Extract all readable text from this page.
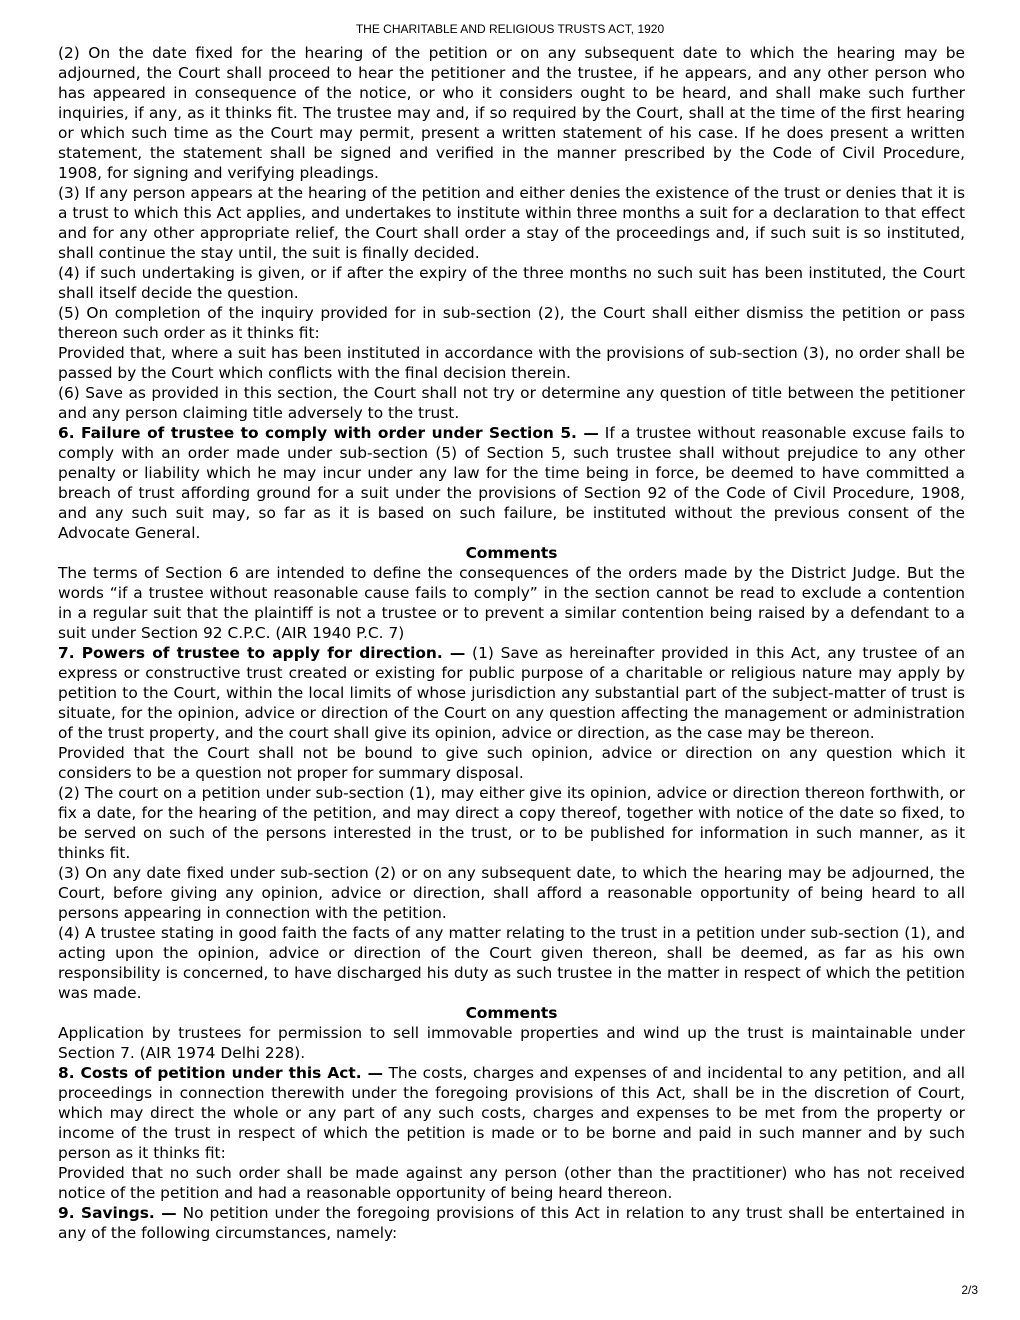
THE CHARITABLE AND RELIGIOUS TRUSTS ACT, 1920

(2) On the date fixed for the hearing of the petition or on any subsequent date to which the hearing may be adjourned, the Court shall proceed to hear the petitioner and the trustee, if he appears, and any other person who has appeared in consequence of the notice, or who it considers ought to be heard, and shall make such further inquiries, if any, as it thinks fit. The trustee may and, if so required by the Court, shall at the time of the first hearing or which such time as the Court may permit, present a written statement of his case. If he does present a written statement, the statement shall be signed and verified in the manner prescribed by the Code of Civil Procedure, 1908, for signing and verifying pleadings.

(3) If any person appears at the hearing of the petition and either denies the existence of the trust or denies that it is a trust to which this Act applies, and undertakes to institute within three months a suit for a declaration to that effect and for any other appropriate relief, the Court shall order a stay of the proceedings and, if such suit is so instituted, shall continue the stay until, the suit is finally decided.

(4) if such undertaking is given, or if after the expiry of the three months no such suit has been instituted, the Court shall itself decide the question.

(5) On completion of the inquiry provided for in sub-section (2), the Court shall either dismiss the petition or pass thereon such order as it thinks fit:

Provided that, where a suit has been instituted in accordance with the provisions of sub-section (3), no order shall be passed by the Court which conflicts with the final decision therein.

(6) Save as provided in this section, the Court shall not try or determine any question of title between the petitioner and any person claiming title adversely to the trust.

6. Failure of trustee to comply with order under Section 5. — If a trustee without reasonable excuse fails to comply with an order made under sub-section (5) of Section 5, such trustee shall without prejudice to any other penalty or liability which he may incur under any law for the time being in force, be deemed to have committed a breach of trust affording ground for a suit under the provisions of Section 92 of the Code of Civil Procedure, 1908, and any such suit may, so far as it is based on such failure, be instituted without the previous consent of the Advocate General.

Comments

The terms of Section 6 are intended to define the consequences of the orders made by the District Judge. But the words “if a trustee without reasonable cause fails to comply” in the section cannot be read to exclude a contention in a regular suit that the plaintiff is not a trustee or to prevent a similar contention being raised by a defendant to a suit under Section 92 C.P.C. (AIR 1940 P.C. 7)

7. Powers of trustee to apply for direction. — (1) Save as hereinafter provided in this Act, any trustee of an express or constructive trust created or existing for public purpose of a charitable or religious nature may apply by petition to the Court, within the local limits of whose jurisdiction any substantial part of the subject-matter of trust is situate, for the opinion, advice or direction of the Court on any question affecting the management or administration of the trust property, and the court shall give its opinion, advice or direction, as the case may be thereon.

Provided that the Court shall not be bound to give such opinion, advice or direction on any question which it considers to be a question not proper for summary disposal.

(2) The court on a petition under sub-section (1), may either give its opinion, advice or direction thereon forthwith, or fix a date, for the hearing of the petition, and may direct a copy thereof, together with notice of the date so fixed, to be served on such of the persons interested in the trust, or to be published for information in such manner, as it thinks fit.

(3) On any date fixed under sub-section (2) or on any subsequent date, to which the hearing may be adjourned, the Court, before giving any opinion, advice or direction, shall afford a reasonable opportunity of being heard to all persons appearing in connection with the petition.

(4) A trustee stating in good faith the facts of any matter relating to the trust in a petition under sub-section (1), and acting upon the opinion, advice or direction of the Court given thereon, shall be deemed, as far as his own responsibility is concerned, to have discharged his duty as such trustee in the matter in respect of which the petition was made.

Comments

Application by trustees for permission to sell immovable properties and wind up the trust is maintainable under Section 7. (AIR 1974 Delhi 228).

8. Costs of petition under this Act. — The costs, charges and expenses of and incidental to any petition, and all proceedings in connection therewith under the foregoing provisions of this Act, shall be in the discretion of Court, which may direct the whole or any part of any such costs, charges and expenses to be met from the property or income of the trust in respect of which the petition is made or to be borne and paid in such manner and by such person as it thinks fit:

Provided that no such order shall be made against any person (other than the practitioner) who has not received notice of the petition and had a reasonable opportunity of being heard thereon.

9. Savings. — No petition under the foregoing provisions of this Act in relation to any trust shall be entertained in any of the following circumstances, namely:

2/3
